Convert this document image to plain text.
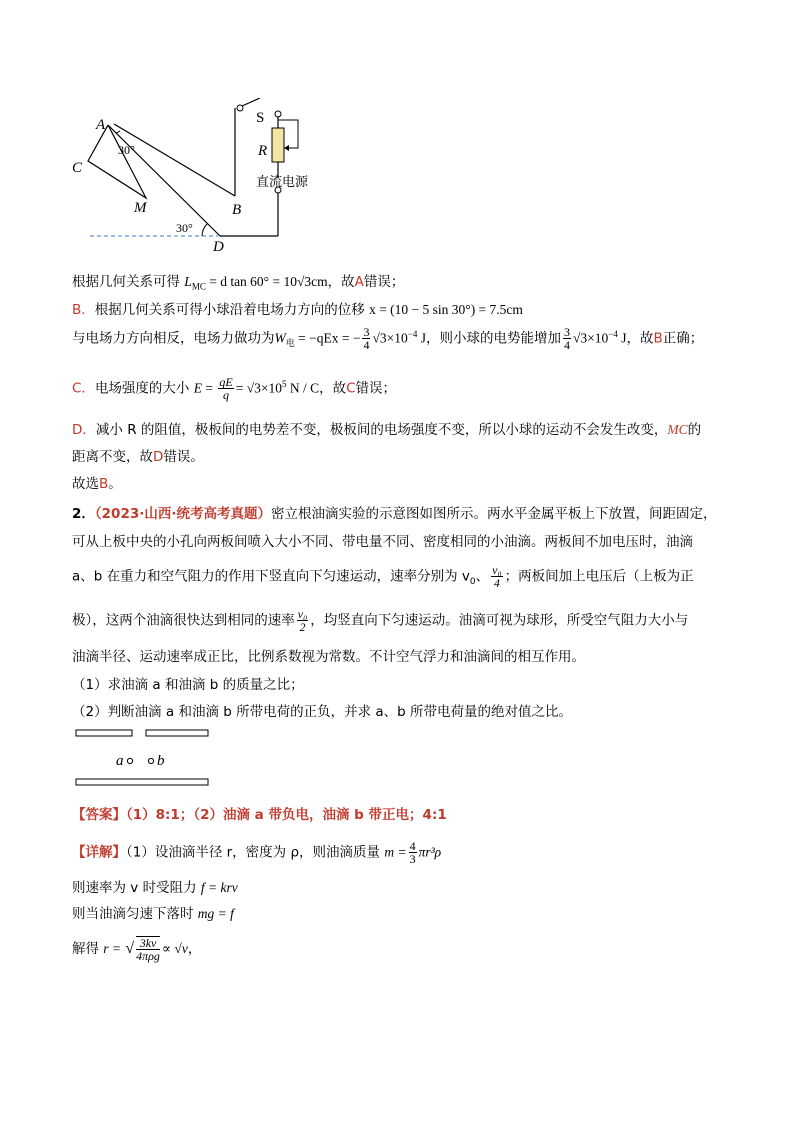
A
C
M	B
D
S
R
30°
30°
直流电源
根据几何关系可得 $L_{MC} = d$ tan 60° = 10√3cm，故A错误；
B．根据几何关系可得小球沿着电场力方向的位移 x = (10 − 5 sin 30°) = 7.5cm
与电场力方向相反，电场力做功为$W_电 = -qEx$ = − $\frac{3}{4} √3\times 10^{-4}$ J，则小球的电势能增加 $\frac{3}{4} √3\times 10^{-4}$ J，故B正确；
C．电场强度的大小 $E = \frac{qE}{q} = √3\times 10^5$ N / C，故C错误；
D．减小 R 的阻值，极板间的电势差不变，极板间的电场强度不变，所以小球的运动不会发生改变，MC的
距离不变，故D错误。
故选B。
2．（2023·山西·统考高考真题）密立根油滴实验的示意图如图所示。两水平金属平板上下放置，间距固定，
可从上板中央的小孔向两板间喷入大小不同、带电量不同、密度相同的小油滴。两板间不加电压时，油滴
a、b 在重力和空气阻力的作用下竖直向下匀速运动，速率分别为 $v_0$、 $\frac{\text{v₀}}{4}$ ；两板间加上电压后（上板为正
极），这两个油滴很快达到相同的速率 $\frac{\text{v₀}}{2}$ ，均竖直向下匀速运动。油滴可视为球形，所受空气阻力大小与
油滴半径、运动速率成正比，比例系数视为常数。不计空气浮力和油滴间的相互作用。
（1）求油滴 a 和油滴 b 的质量之比；
（2）判断油滴 a 和油滴 b 所带电荷的正负，并求 a、b 所带电荷量的绝对值之比。
a b
【答案】（1）8:1；（2）油滴 a 带负电，油滴 b 带正电；4:1
【详解】（1）设油滴半径 r，密度为 ρ，则油滴质量 $m = \frac{4}{3} \pi r^3\rho$
则速率为 v 时受阻力 f = krv
则当油滴匀速下落时 mg = f
解得 r = √ $\frac{3kv}{\text{4πρg}} \propto √v$，
